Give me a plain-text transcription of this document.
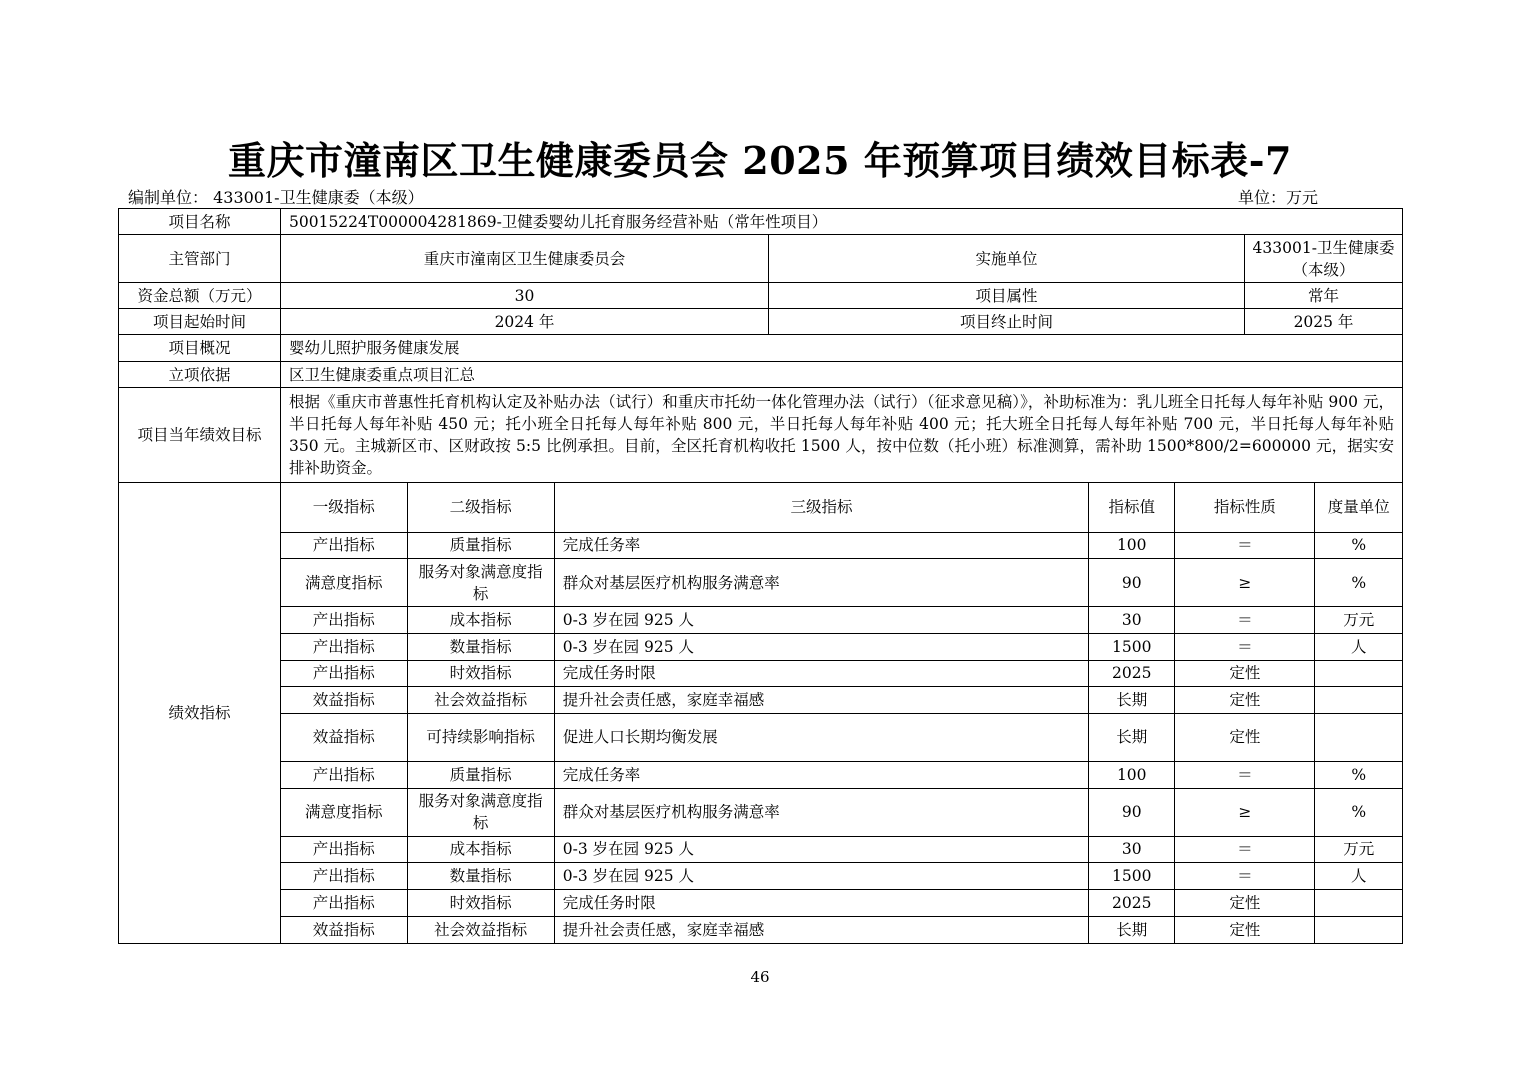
重庆市潼南区卫生健康委员会 2025 年预算项目绩效目标表-7
编制单位： 433001-卫生健康委（本级）	单位：万元
项目名称	50015224T000004281869-卫健委婴幼儿托育服务经营补贴（常年性项目）
主管部门	重庆市潼南区卫生健康委员会	实施单位	433001-卫生健康委（本级）
资金总额（万元）	30	项目属性	常年
项目起始时间	2024 年	项目终止时间	2025 年
项目概况	婴幼儿照护服务健康发展
立项依据	区卫生健康委重点项目汇总
项目当年绩效目标	根据《重庆市普惠性托育机构认定及补贴办法（试行）和重庆市托幼一体化管理办法（试行）（征求意见稿）》，补助标准为：乳儿班全日托每人每年补贴 900 元，半日托每人每年补贴 450 元；托小班全日托每人每年补贴 800 元，半日托每人每年补贴 400 元；托大班全日托每人每年补贴 700 元，半日托每人每年补贴 350 元。主城新区市、区财政按 5:5 比例承担。目前，全区托育机构收托 1500 人，按中位数（托小班）标准测算，需补助 1500*800/2=600000 元，据实安排补助资金。
绩效指标	
一级指标	二级指标	三级指标	指标值	指标性质	度量单位
产出指标	质量指标	完成任务率	100	＝	%
满意度指标	服务对象满意度指标	群众对基层医疗机构服务满意率	90	≥	%
产出指标	成本指标	0-3 岁在园 925 人	30	＝	万元
产出指标	数量指标	0-3 岁在园 925 人	1500	＝	人
产出指标	时效指标	完成任务时限	2025	定性	
效益指标	社会效益指标	提升社会责任感，家庭幸福感	长期	定性	
效益指标	可持续影响指标	促进人口长期均衡发展	长期	定性	
产出指标	质量指标	完成任务率	100	＝	%
满意度指标	服务对象满意度指标	群众对基层医疗机构服务满意率	90	≥	%
产出指标	成本指标	0-3 岁在园 925 人	30	＝	万元
产出指标	数量指标	0-3 岁在园 925 人	1500	＝	人
产出指标	时效指标	完成任务时限	2025	定性	
效益指标	社会效益指标	提升社会责任感，家庭幸福感	长期	定性	
46
